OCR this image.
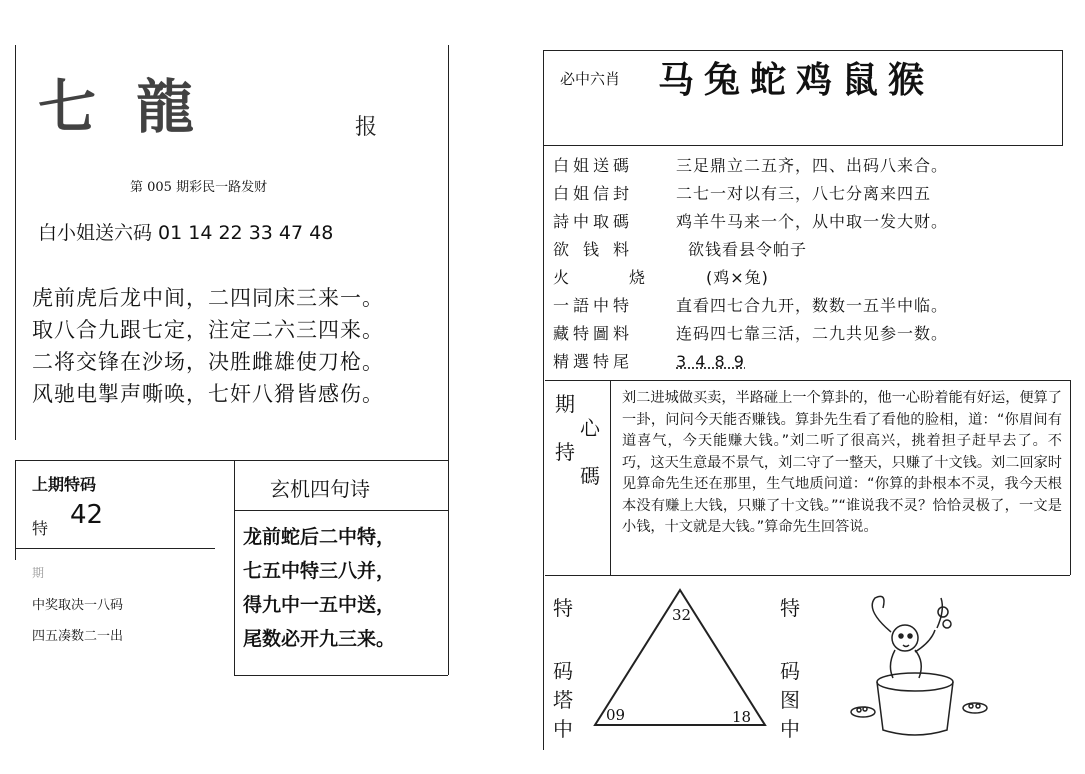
七龍	报
第 005 期彩民一路发财
白小姐送六码 01 14 22 33 47 48
虎前虎后龙中间，二四同床三来一。
取八合九跟七定，注定二六三四来。
二将交锋在沙场，决胜雌雄使刀枪。
风驰电掣声嘶唤，七奸八猾皆感伤。
上期特码
特 42
期
中奖取决一八码
四五凑数二一出
玄机四句诗
龙前蛇后二中特，
七五中特三八并，
得九中一五中送，
尾数必开九三来。
必中六肖 马兔蛇鸡鼠猴
白姐送碼	三足鼎立二五齐，四、出码八来合。
白姐信封	二七一对以有三，八七分离来四五
詩中取碼	鸡羊牛马来一个，从中取一发大财。
欲钱料	欲钱看县令帕子
火烧 (鸡×兔)
一語中特	直看四七合九开，数数一五半中临。
藏特圖料	连码四七靠三活，二九共见参一数。
精選特尾	3 4 8 9
期
心
持
碼
刘二进城做买卖，半路碰上一个算卦的，他一心盼着能有好运，便算了一卦，问问今天能否赚钱。算卦先生看了看他的脸相，道：“你眉间有道喜气，今天能赚大钱。”刘二听了很高兴，挑着担子赶早去了。不巧，这天生意最不景气，刘二守了一整天，只赚了十文钱。刘二回家时见算命先生还在那里，生气地质问道：“你算的卦根本不灵，我今天根本没有赚上大钱，只赚了十文钱。”“谁说我不灵？恰恰灵极了，一文是小钱，十文就是大钱。”算命先生回答说。
特
码
塔
中
32
09	18
特
码
图
中
